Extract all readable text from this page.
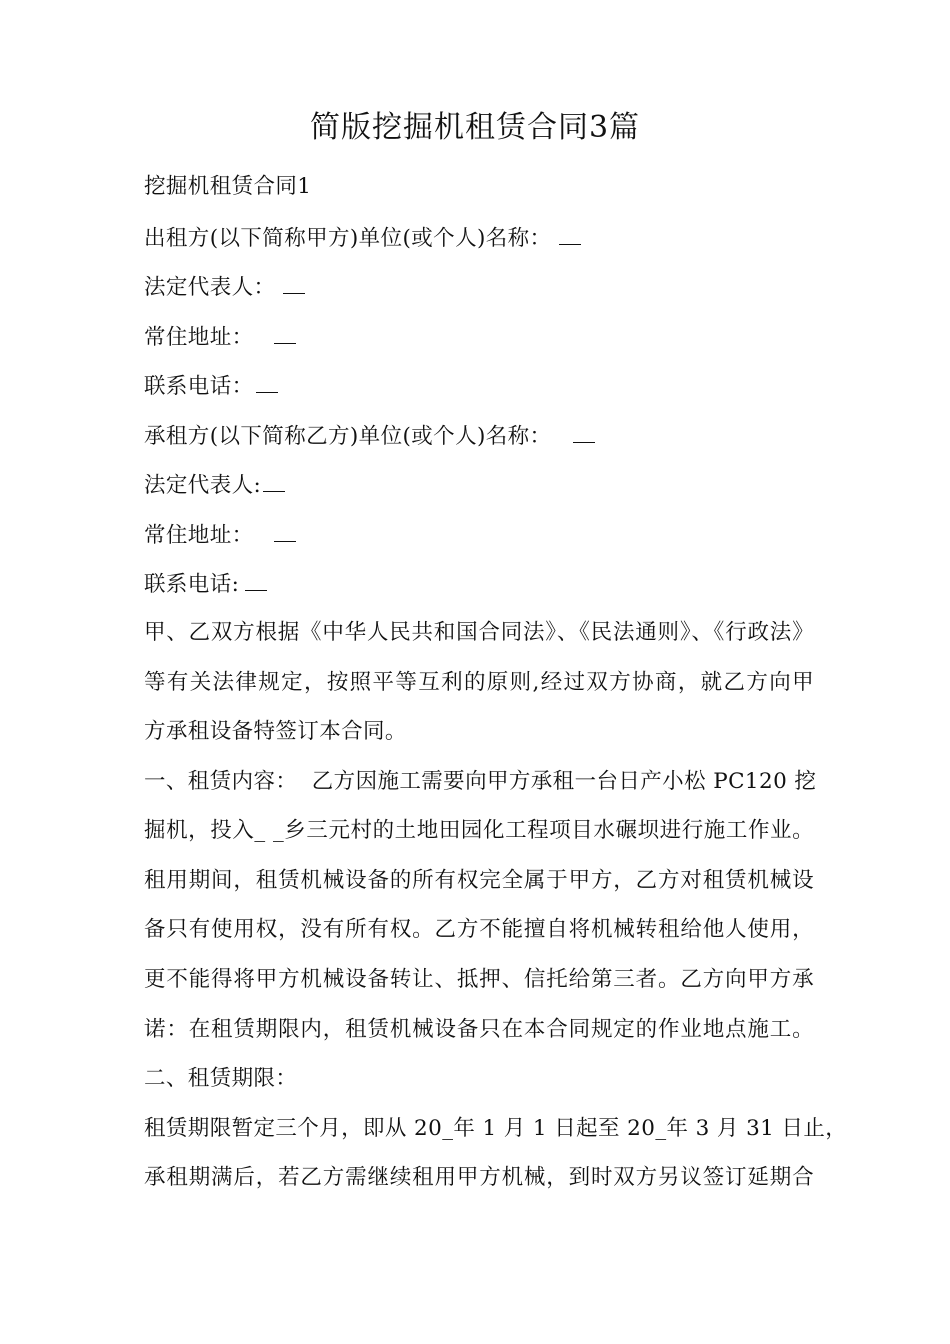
简版挖掘机租赁合同3篇
挖掘机租赁合同1
出租方(以下简称甲方)单位(或个人)名称：
法定代表人：
常住地址：
联系电话：
承租方(以下简称乙方)单位(或个人)名称：
法定代表人:
常住地址：
联系电话:
甲、乙双方根据《中华人民共和国合同法》、《民法通则》、《行政法》
等有关法律规定，按照平等互利的原则,经过双方协商，就乙方向甲
方承租设备特签订本合同。
一、租赁内容：  乙方因施工需要向甲方承租一台日产小松 PC120 挖
掘机，投入_ _乡三元村的土地田园化工程项目水碾坝进行施工作业。
租用期间，租赁机械设备的所有权完全属于甲方，乙方对租赁机械设
备只有使用权，没有所有权。乙方不能擅自将机械转租给他人使用，
更不能得将甲方机械设备转让、抵押、信托给第三者。乙方向甲方承
诺：在租赁期限内，租赁机械设备只在本合同规定的作业地点施工。
二、租赁期限：
租赁期限暂定三个月，即从 20_年 1 月 1 日起至 20_年 3 月 31 日止，
承租期满后，若乙方需继续租用甲方机械，到时双方另议签订延期合
